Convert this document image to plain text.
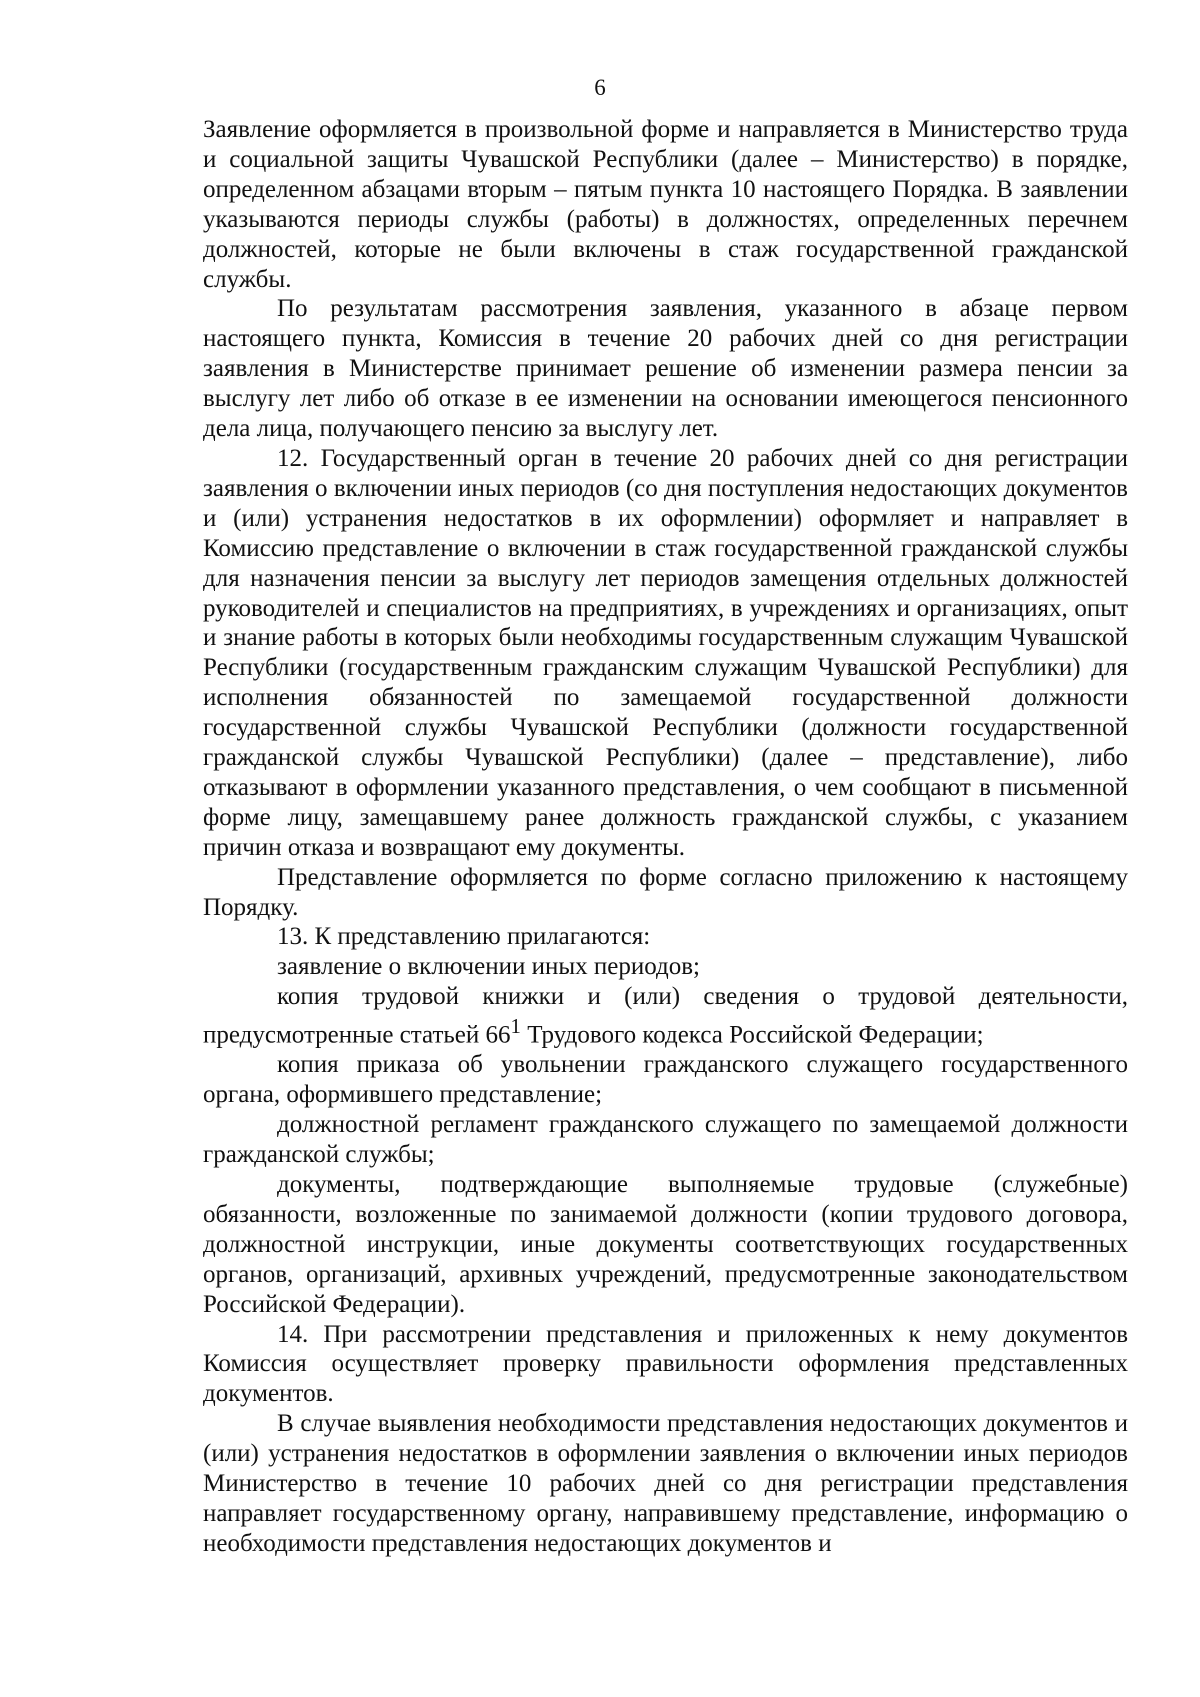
6

Заявление оформляется в произвольной форме и направляется в Министерство труда и социальной защиты Чувашской Республики (далее – Министерство) в порядке, определенном абзацами вторым – пятым пункта 10 настоящего Порядка. В заявлении указываются периоды службы (работы) в должностях, определенных перечнем должностей, которые не были включены в стаж государственной гражданской службы.

По результатам рассмотрения заявления, указанного в абзаце первом настоящего пункта, Комиссия в течение 20 рабочих дней со дня регистрации заявления в Министерстве принимает решение об изменении размера пенсии за выслугу лет либо об отказе в ее изменении на основании имеющегося пенсионного дела лица, получающего пенсию за выслугу лет.

12. Государственный орган в течение 20 рабочих дней со дня регистрации заявления о включении иных периодов (со дня поступления недостающих документов и (или) устранения недостатков в их оформлении) оформляет и направляет в Комиссию представление о включении в стаж государственной гражданской службы для назначения пенсии за выслугу лет периодов замещения отдельных должностей руководителей и специалистов на предприятиях, в учреждениях и организациях, опыт и знание работы в которых были необходимы государственным служащим Чувашской Республики (государственным гражданским служащим Чувашской Республики) для исполнения обязанностей по замещаемой государственной должности государственной службы Чувашской Республики (должности государственной гражданской службы Чувашской Республики) (далее – представление), либо отказывают в оформлении указанного представления, о чем сообщают в письменной форме лицу, замещавшему ранее должность гражданской службы, с указанием причин отказа и возвращают ему документы.

Представление оформляется по форме согласно приложению к настоящему Порядку.

13. К представлению прилагаются:

заявление о включении иных периодов;

копия трудовой книжки и (или) сведения о трудовой деятельности, предусмотренные статьей $66^1$ Трудового кодекса Российской Федерации;

копия приказа об увольнении гражданского служащего государственного органа, оформившего представление;

должностной регламент гражданского служащего по замещаемой должности гражданской службы;

документы, подтверждающие выполняемые трудовые (служебные) обязанности, возложенные по занимаемой должности (копии трудового договора, должностной инструкции, иные документы соответствующих государственных органов, организаций, архивных учреждений, предусмотренные законодательством Российской Федерации).

14. При рассмотрении представления и приложенных к нему документов Комиссия осуществляет проверку правильности оформления представленных документов.

В случае выявления необходимости представления недостающих документов и (или) устранения недостатков в оформлении заявления о включении иных периодов Министерство в течение 10 рабочих дней со дня регистрации представления направляет государственному органу, направившему представление, информацию о необходимости представления недостающих документов и
